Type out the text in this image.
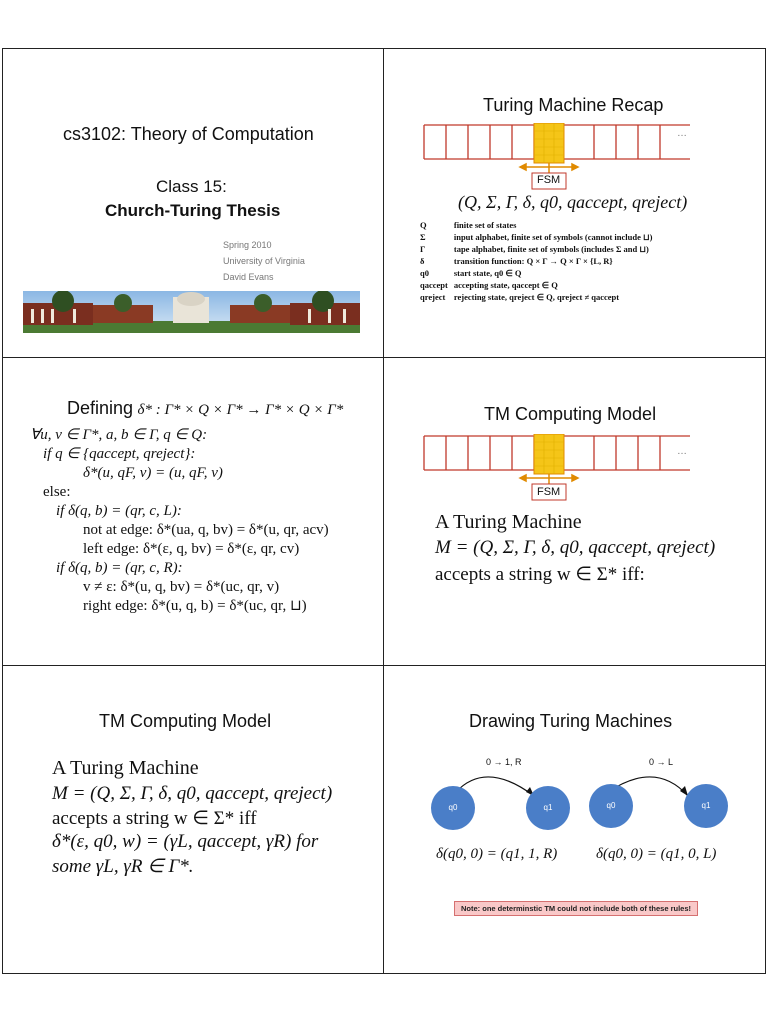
cs3102: Theory of Computation
Class 15:
Church-Turing Thesis
Spring 2010
University of Virginia
David Evans
Turing Machine Recap
FSM
…
(Q, Σ, Γ, δ, q0, qaccept, qreject)
Q	finite set of states
Σ	input alphabet, finite set of symbols (cannot include ⊔)
Γ	tape alphabet, finite set of symbols (includes Σ and ⊔)
δ	transition function: Q × Γ → Q × Γ × {L, R}
q0	start state, q0 ∈ Q
qaccept	accepting state, qaccept ∈ Q
qreject	rejecting state, qreject ∈ Q, qreject ≠ qaccept
Defining δ* : Γ* × Q × Γ* → Γ* × Q × Γ*
∀u, v ∈ Γ*, a, b ∈ Γ, q ∈ Q:
if q ∈ {qaccept, qreject}:
δ*(u, qF, v) = (u, qF, v)
else:
if δ(q, b) = (qr, c, L):
not at edge: δ*(ua, q, bv) = δ*(u, qr, acv)
left edge: δ*(ε, q, bv) = δ*(ε, qr, cv)
if δ(q, b) = (qr, c, R):
v ≠ ε: δ*(u, q, bv) = δ*(uc, qr, v)
right edge: δ*(u, q, b) = δ*(uc, qr, ⊔)
TM Computing Model
FSM
…
A Turing Machine
M = (Q, Σ, Γ, δ, q0, qaccept, qreject)
accepts a string w ∈ Σ* iff:
TM Computing Model
A Turing Machine
M = (Q, Σ, Γ, δ, q0, qaccept, qreject)
accepts a string w ∈ Σ* iff
δ*(ε, q0, w) = (γL, qaccept, γR) for
some γL, γR ∈ Γ*.
Drawing Turing Machines
0 → 1, R	0 → L
q0	q1	q0	q1
δ(q0, 0) = (q1, 1, R)	δ(q0, 0) = (q1, 0, L)
Note: one determinstic TM could not include both of these rules!
